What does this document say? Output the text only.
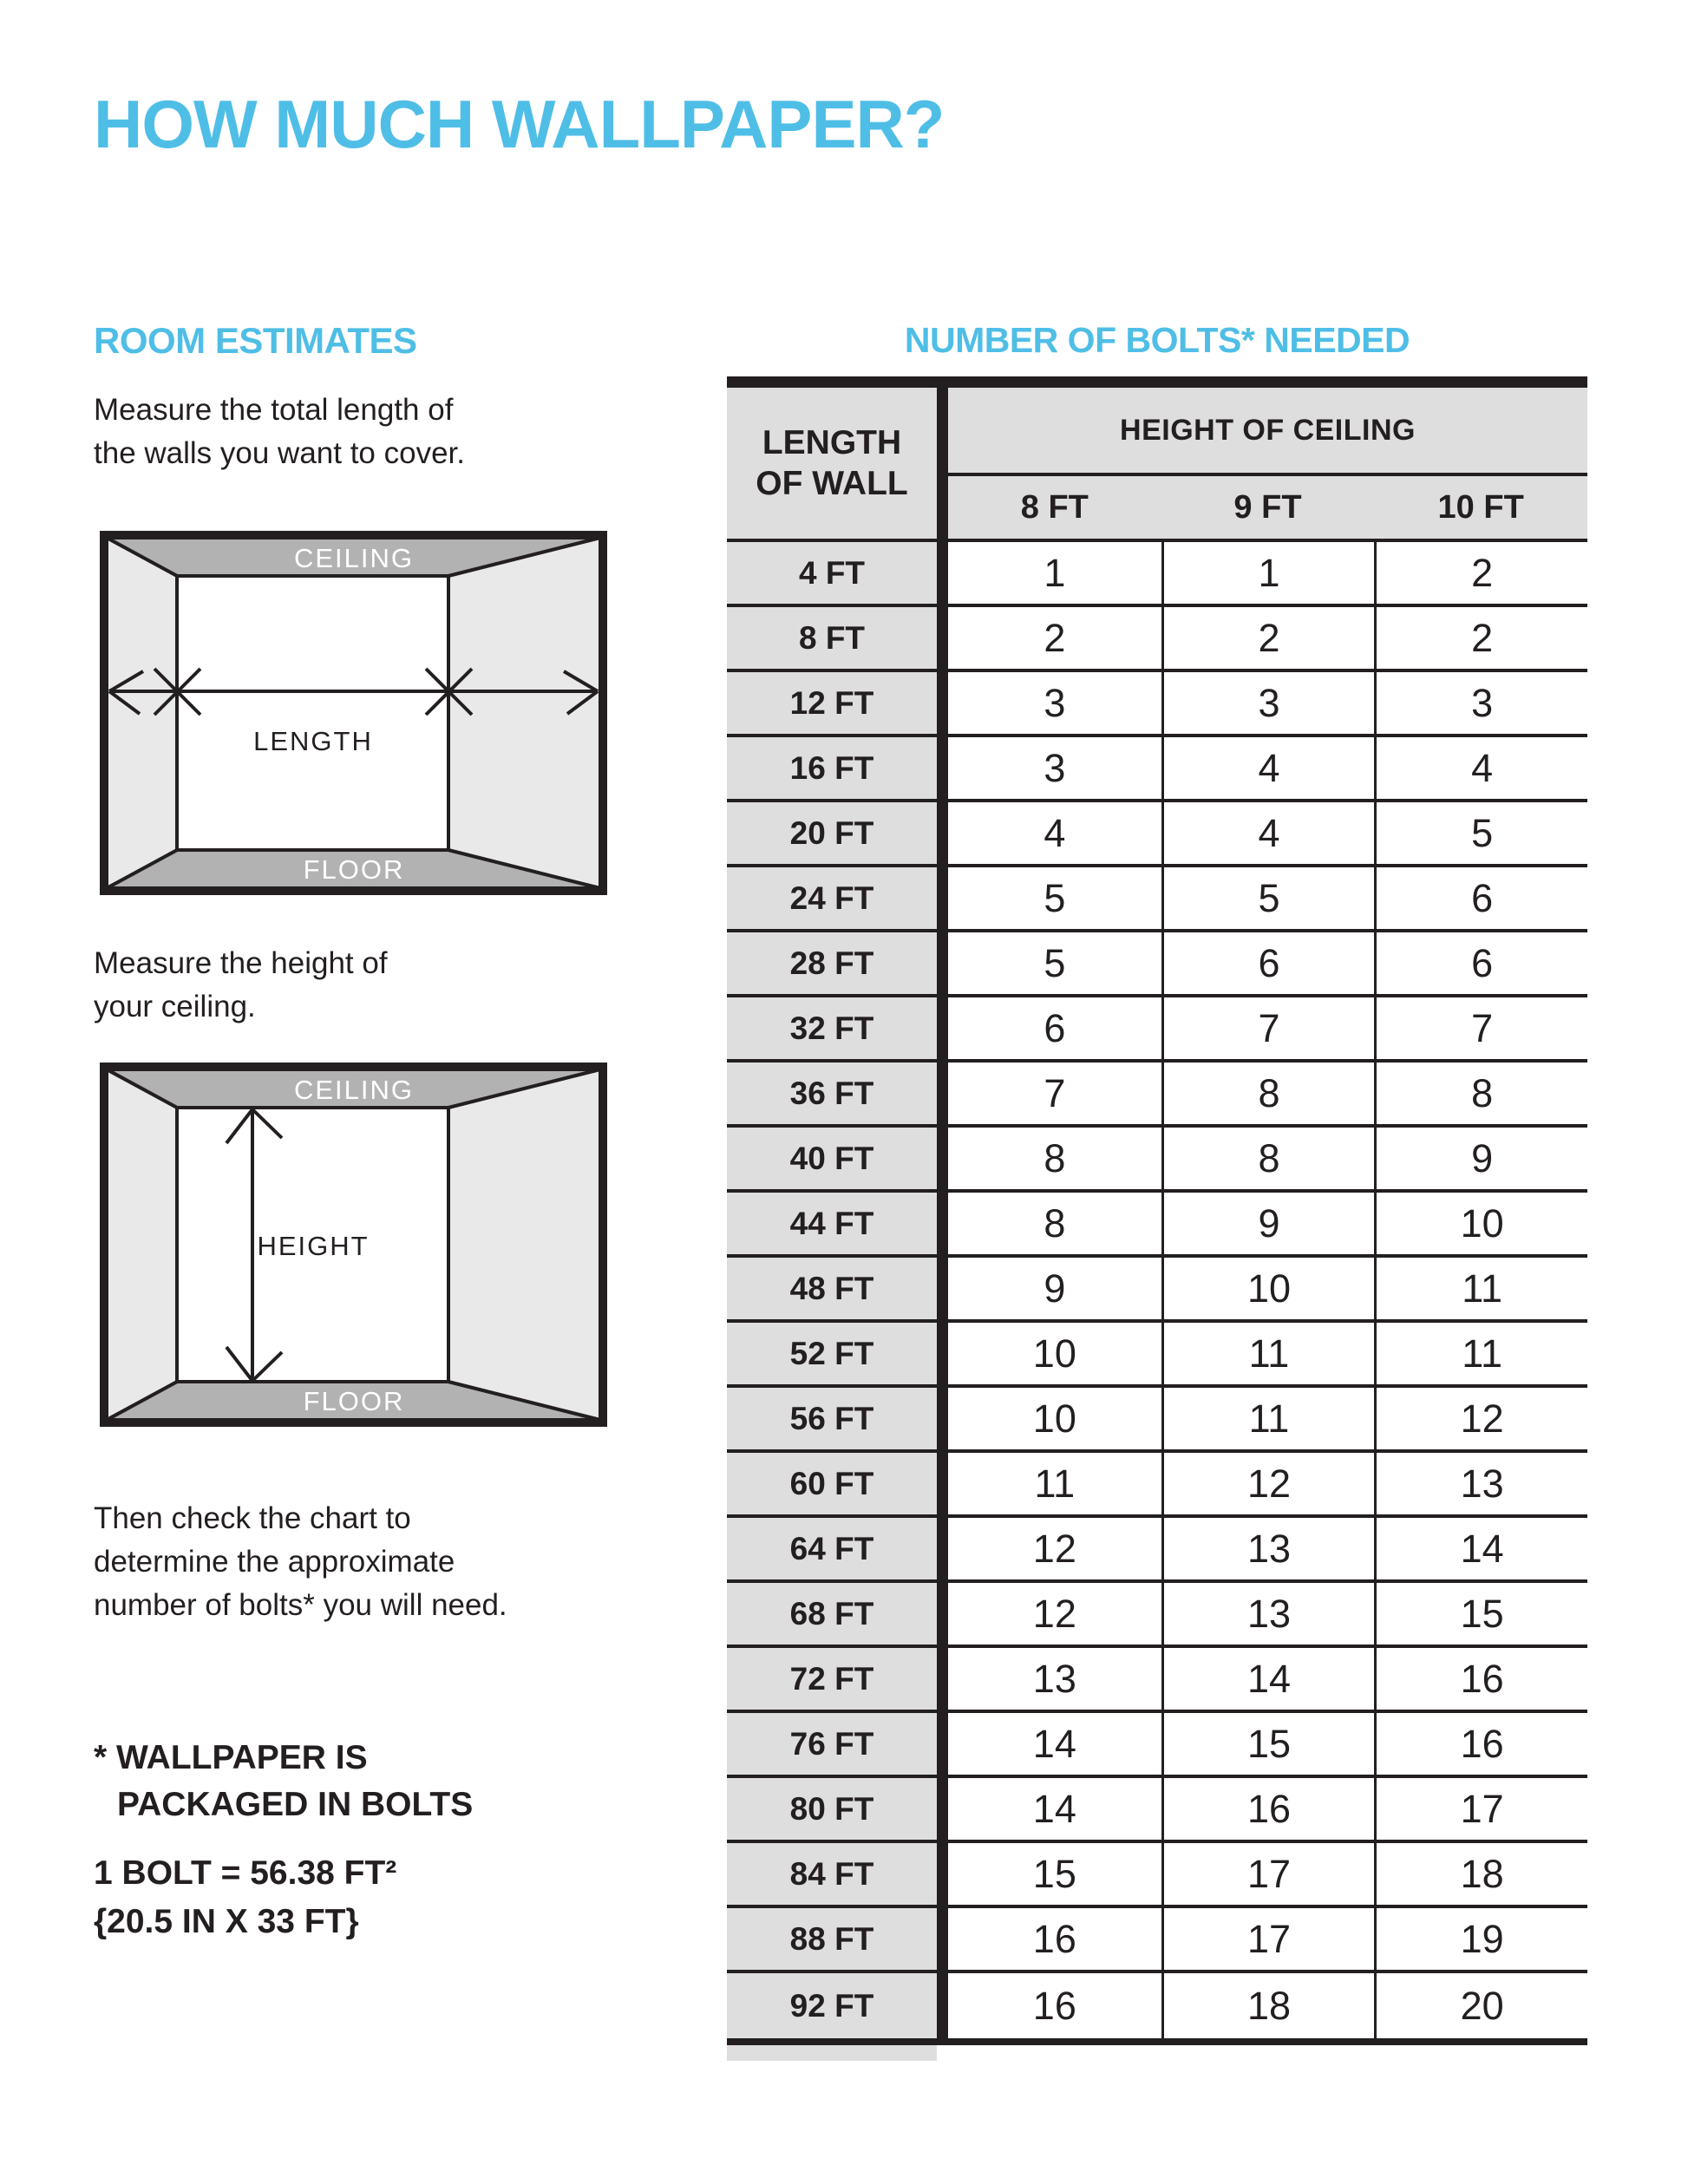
HOW MUCH WALLPAPER?
ROOM ESTIMATES
Measure the total length of
the walls you want to cover.
CEILING
FLOOR
LENGTH
Measure the height of
your ceiling.
CEILING
FLOOR
HEIGHT
Then check the chart to
determine the approximate
number of bolts* you will need.
* WALLPAPER IS
PACKAGED IN BOLTS
1 BOLT = 56.38 FT²
{20.5 IN X 33 FT}
NUMBER OF BOLTS* NEEDED
LENGTH OF WALL
HEIGHT OF CEILING
8 FT	9 FT	10 FT
4 FT	1	1	2
8 FT	2	2	2
12 FT	3	3	3
16 FT	3	4	4
20 FT	4	4	5
24 FT	5	5	6
28 FT	5	6	6
32 FT	6	7	7
36 FT	7	8	8
40 FT	8	8	9
44 FT	8	9	10
48 FT	9	10	11
52 FT	10	11	11
56 FT	10	11	12
60 FT	11	12	13
64 FT	12	13	14
68 FT	12	13	15
72 FT	13	14	16
76 FT	14	15	16
80 FT	14	16	17
84 FT	15	17	18
88 FT	16	17	19
92 FT	16	18	20
